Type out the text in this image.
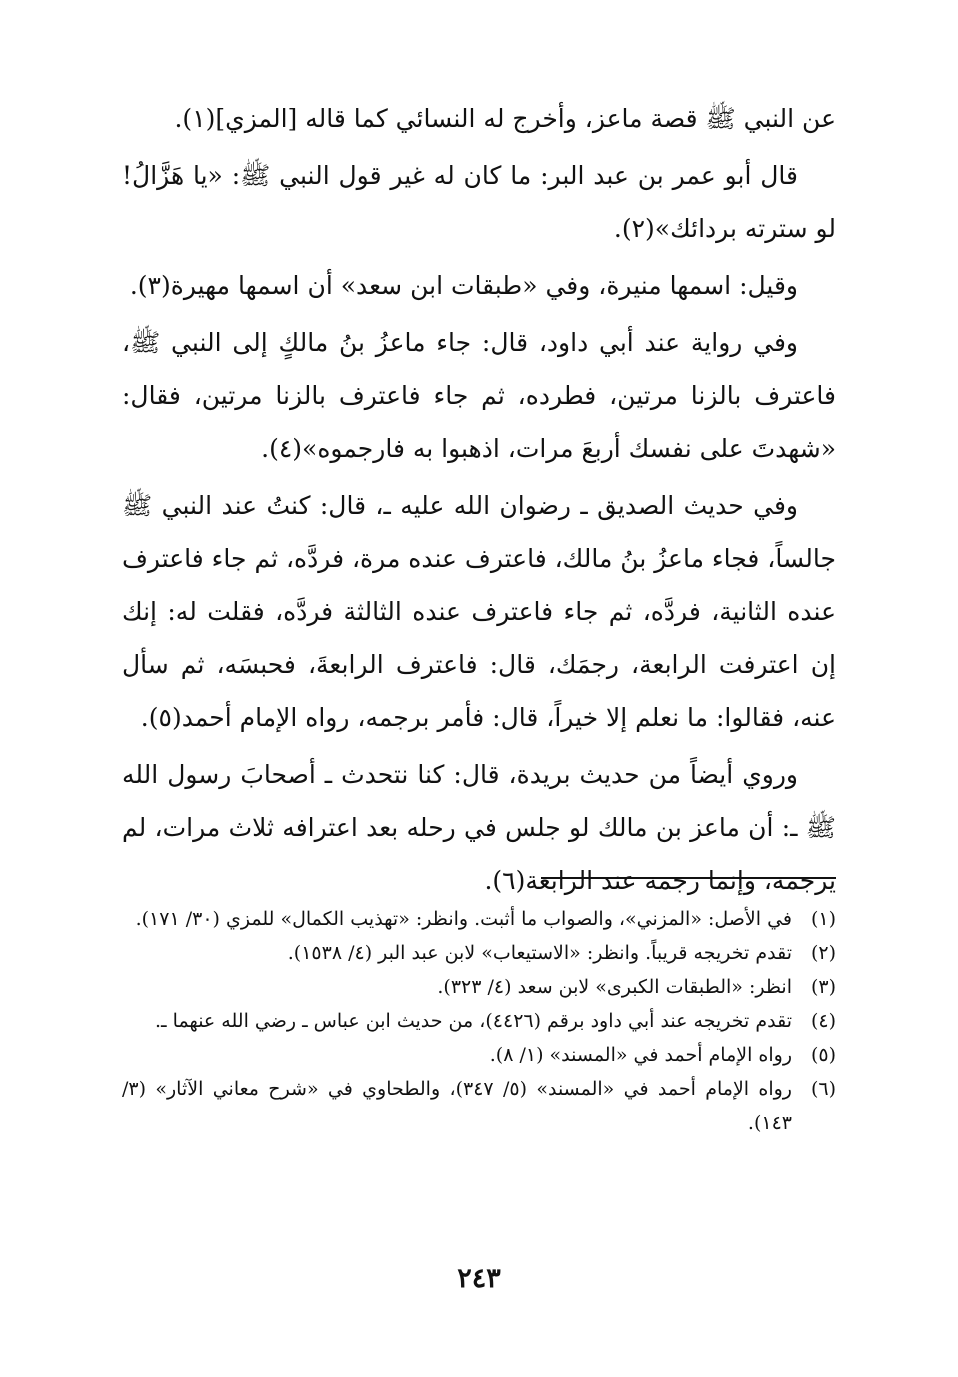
عن النبي ﷺ قصة ماعز، وأخرج له النسائي كما قاله [المزي](١).

قال أبو عمر بن عبد البر: ما كان له غير قول النبي ﷺ: «يا هَزَّالُ! لو سترته بردائك»(٢).

وقيل: اسمها منيرة، وفي «طبقات ابن سعد» أن اسمها مهيرة(٣).

وفي رواية عند أبي داود، قال: جاء ماعزُ بنُ مالكٍ إلى النبي ﷺ، فاعترف بالزنا مرتين، فطرده، ثم جاء فاعترف بالزنا مرتين، فقال: «شهدتَ على نفسك أربعَ مرات، اذهبوا به فارجموه»(٤).

وفي حديث الصديق ـ رضوان الله عليه ـ، قال: كنتُ عند النبي ﷺ جالساً، فجاء ماعزُ بنُ مالك، فاعترف عنده مرة، فردَّه، ثم جاء فاعترف عنده الثانية، فردَّه، ثم جاء فاعترف عنده الثالثة فردَّه، فقلت له: إنك إن اعترفت الرابعة، رجمَك، قال: فاعترف الرابعةَ، فحبسَه، ثم سأل عنه، فقالوا: ما نعلم إلا خيراً، قال: فأمر برجمه، رواه الإمام أحمد(٥).

وروي أيضاً من حديث بريدة، قال: كنا نتحدث ـ أصحابَ رسول الله ﷺ ـ: أن ماعز بن مالك لو جلس في رحله بعد اعترافه ثلاث مرات، لم يرجمه، وإنما رجمه عند الرابعة(٦).

(١)
في الأصل: «المزني»، والصواب ما أثبت. وانظر: «تهذيب الكمال» للمزي (٣٠/ ١٧١).
(٢)
تقدم تخريجه قريباً. وانظر: «الاستيعاب» لابن عبد البر (٤/ ١٥٣٨).
(٣)
انظر: «الطبقات الكبرى» لابن سعد (٤/ ٣٢٣).
(٤)
تقدم تخريجه عند أبي داود برقم (٤٤٢٦)، من حديث ابن عباس ـ رضي الله عنهما ـ.
(٥)
رواه الإمام أحمد في «المسند» (١/ ٨).
(٦)
رواه الإمام أحمد في «المسند» (٥/ ٣٤٧)، والطحاوي في «شرح معاني الآثار» (٣/ ١٤٣).
٢٤٣
